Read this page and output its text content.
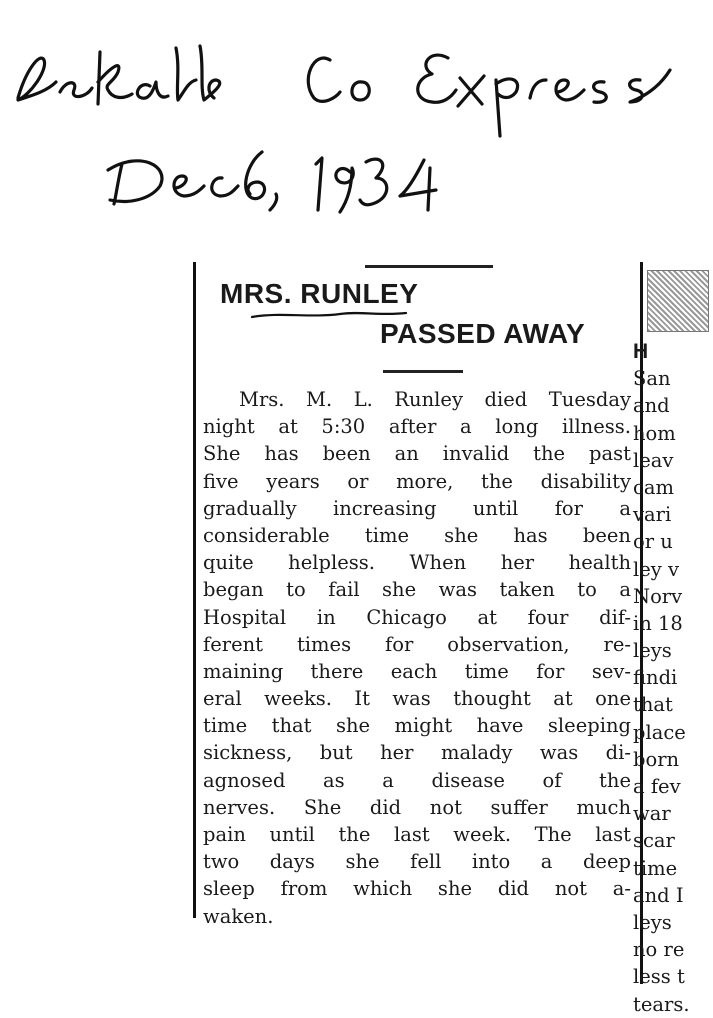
MRS. RUNLEY
PASSED AWAY
Mrs. M. L. Runley died Tuesday
night at 5:30 after a long illness.
She has been an invalid the past
five years or more, the disability
gradually increasing until for a
considerable time she has been
quite helpless. When her health
began to fail she was taken to a
Hospital in Chicago at four dif-
ferent times for observation, re-
maining there each time for sev-
eral weeks. It was thought at one
time that she might have sleeping
sickness, but her malady was di-
agnosed as a disease of the
nerves. She did not suffer much
pain until the last week. The last
two days she fell into a deep
sleep from which she did not a-
waken.
H
San
and
hom
leav
cam
vari
or u
ley v
Norv
in 18
leys
findi
that
place
born
a fev
war
scar
time
and I
leys
no re
less t
tears.
